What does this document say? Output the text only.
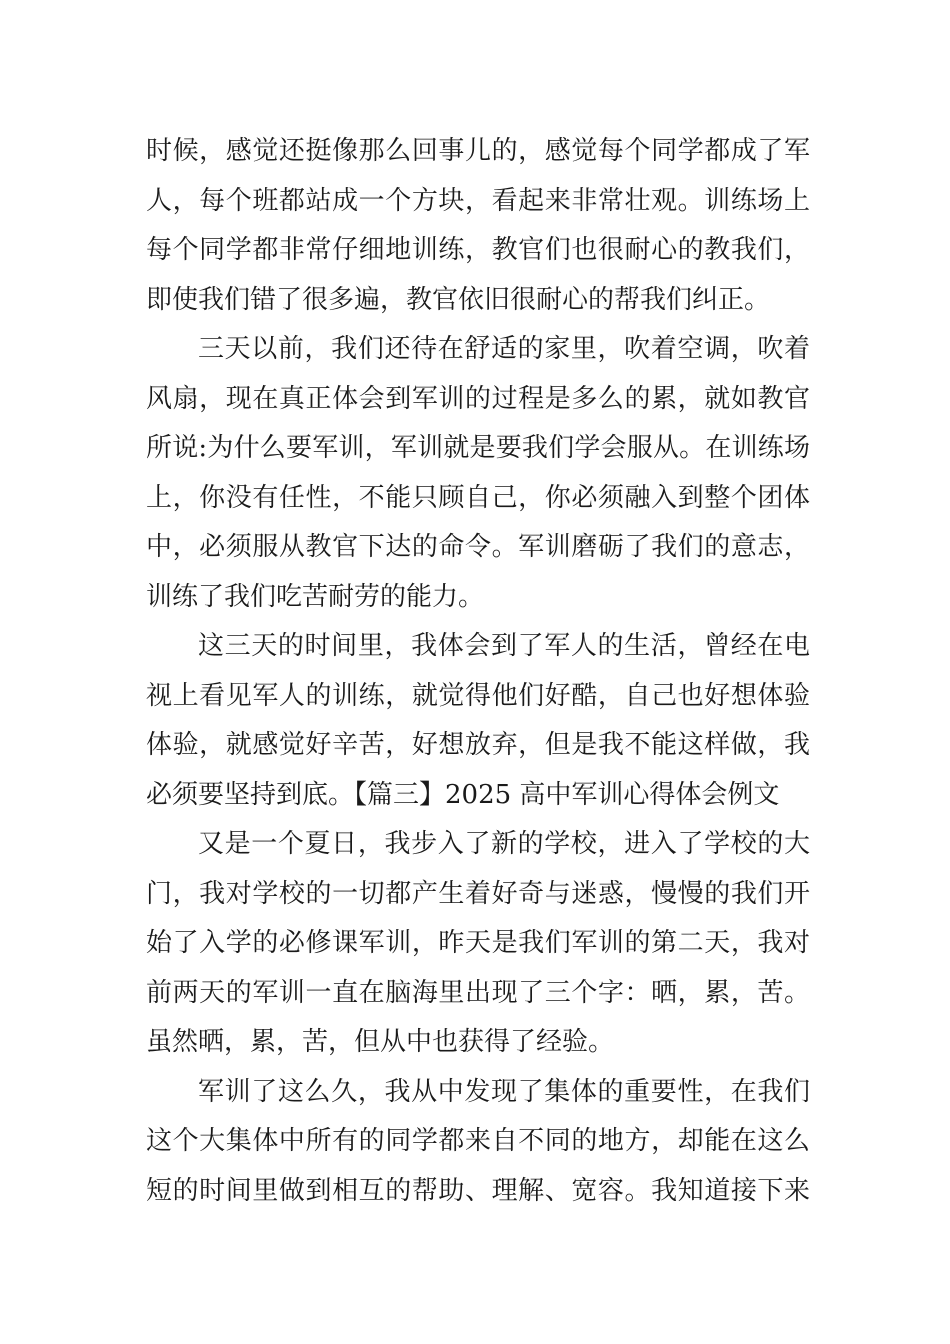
时候，感觉还挺像那么回事儿的，感觉每个同学都成了军
人，每个班都站成一个方块，看起来非常壮观。训练场上
每个同学都非常仔细地训练，教官们也很耐心的教我们，
即使我们错了很多遍，教官依旧很耐心的帮我们纠正。
三天以前，我们还待在舒适的家里，吹着空调，吹着
风扇，现在真正体会到军训的过程是多么的累，就如教官
所说:为什么要军训，军训就是要我们学会服从。在训练场
上，你没有任性，不能只顾自己，你必须融入到整个团体
中，必须服从教官下达的命令。军训磨砺了我们的意志，
训练了我们吃苦耐劳的能力。
这三天的时间里，我体会到了军人的生活，曾经在电
视上看见军人的训练，就觉得他们好酷，自己也好想体验
体验，就感觉好辛苦，好想放弃，但是我不能这样做，我
必须要坚持到底。【篇三】2025 高中军训心得体会例文
又是一个夏日，我步入了新的学校，进入了学校的大
门，我对学校的一切都产生着好奇与迷惑，慢慢的我们开
始了入学的必修课军训，昨天是我们军训的第二天，我对
前两天的军训一直在脑海里出现了三个字：晒，累，苦。
虽然晒，累，苦，但从中也获得了经验。
军训了这么久，我从中发现了集体的重要性，在我们
这个大集体中所有的同学都来自不同的地方，却能在这么
短的时间里做到相互的帮助、理解、宽容。我知道接下来
